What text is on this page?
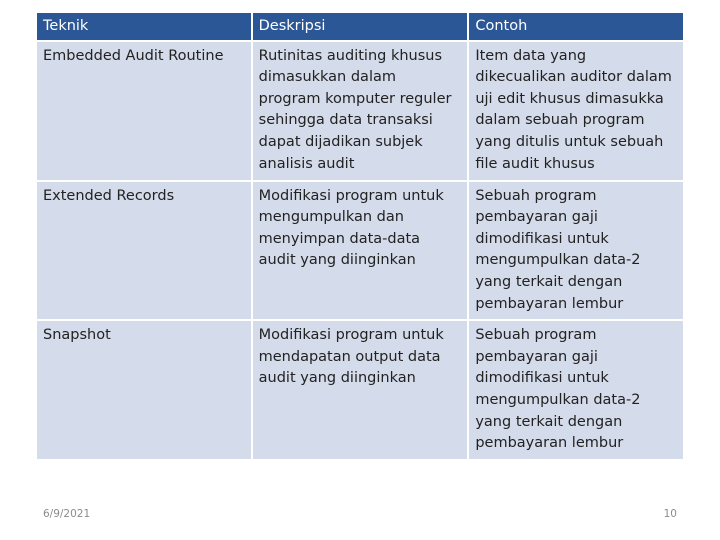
Teknik	Deskripsi	Contoh
Embedded Audit Routine	Rutinitas auditing khusus dimasukkan dalam program komputer reguler sehingga data transaksi dapat dijadikan subjek analisis audit	Item data yang dikecualikan auditor dalam uji edit khusus dimasukka dalam sebuah program yang ditulis untuk sebuah file audit khusus
Extended Records	Modifikasi program untuk mengumpulkan dan menyimpan data-data audit yang diinginkan	Sebuah program pembayaran gaji dimodifikasi untuk mengumpulkan data-2 yang terkait dengan pembayaran lembur
Snapshot	Modifikasi program untuk mendapatan output data audit yang diinginkan	Sebuah program pembayaran gaji dimodifikasi untuk mengumpulkan data-2 yang terkait dengan pembayaran lembur
6/9/2021	10
